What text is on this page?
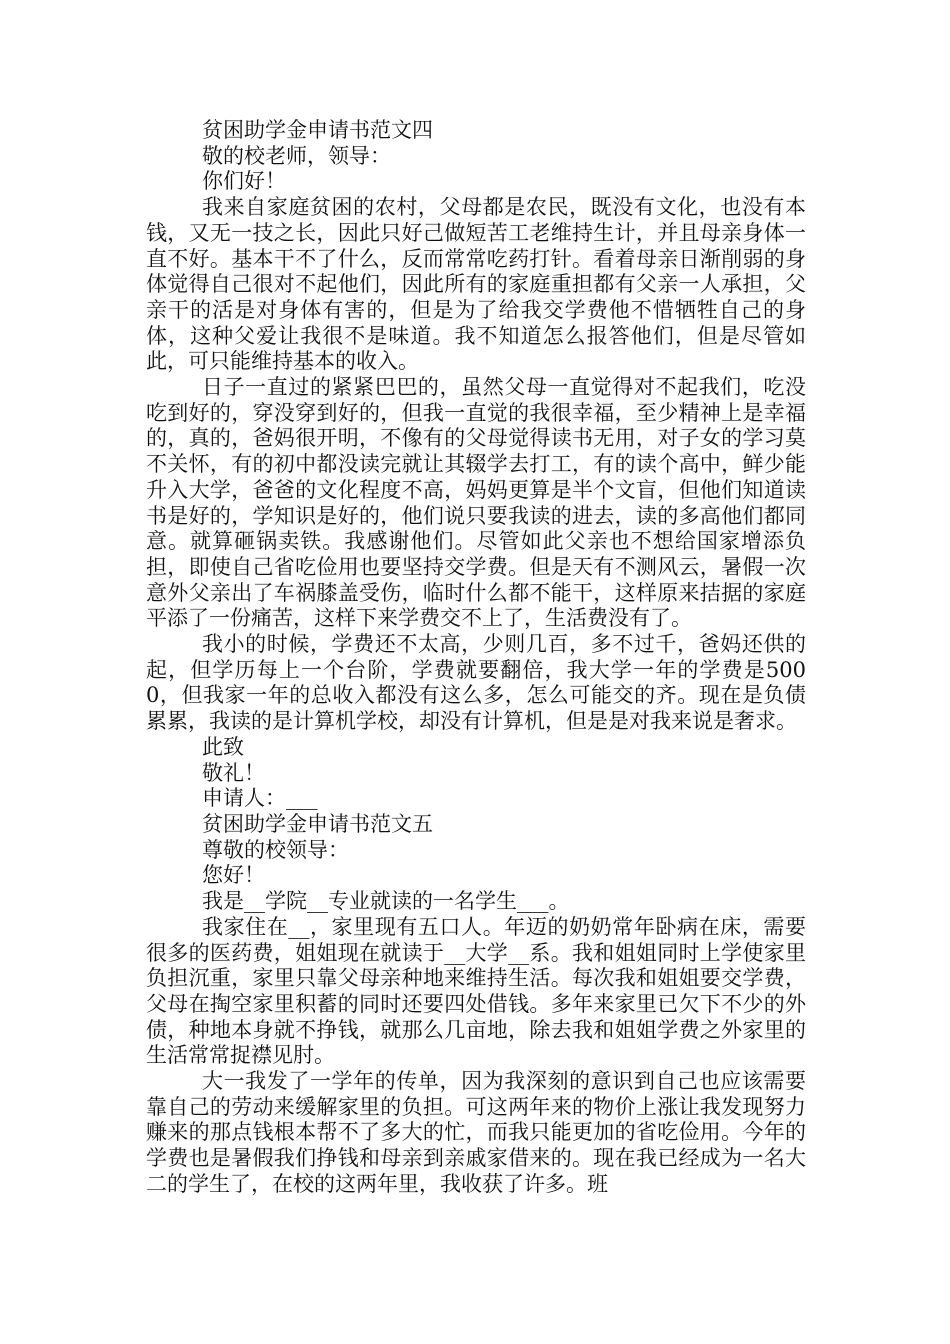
贫困助学金申请书范文四
敬的校老师，领导：
你们好！
我来自家庭贫困的农村，父母都是农民，既没有文化，也没有本钱，又无一技之长，因此只好己做短苦工老维持生计，并且母亲身体一直不好。基本干不了什么，反而常常吃药打针。看着母亲日渐削弱的身体觉得自己很对不起他们，因此所有的家庭重担都有父亲一人承担，父亲干的活是对身体有害的，但是为了给我交学费他不惜牺牲自己的身体，这种父爱让我很不是味道。我不知道怎么报答他们，但是尽管如此，可只能维持基本的收入。
日子一直过的紧紧巴巴的，虽然父母一直觉得对不起我们，吃没吃到好的，穿没穿到好的，但我一直觉的我很幸福，至少精神上是幸福的，真的，爸妈很开明，不像有的父母觉得读书无用，对子女的学习莫不关怀，有的初中都没读完就让其辍学去打工，有的读个高中，鲜少能升入大学，爸爸的文化程度不高，妈妈更算是半个文盲，但他们知道读书是好的，学知识是好的，他们说只要我读的进去，读的多高他们都同意。就算砸锅卖铁。我感谢他们。尽管如此父亲也不想给国家增添负担，即使自己省吃俭用也要坚持交学费。但是天有不测风云，暑假一次意外父亲出了车祸膝盖受伤，临时什么都不能干，这样原来拮据的家庭平添了一份痛苦，这样下来学费交不上了，生活费没有了。
我小的时候，学费还不太高，少则几百，多不过千，爸妈还供的起，但学历每上一个台阶，学费就要翻倍，我大学一年的学费是5000，但我家一年的总收入都没有这么多，怎么可能交的齐。现在是负债累累，我读的是计算机学校，却没有计算机，但是是对我来说是奢求。
此致
敬礼！
申请人：___
贫困助学金申请书范文五
尊敬的校领导：
您好！
我是__学院__专业就读的一名学生___。
我家住在__，家里现有五口人。年迈的奶奶常年卧病在床，需要很多的医药费，姐姐现在就读于__大学__系。我和姐姐同时上学使家里负担沉重，家里只靠父母亲种地来维持生活。每次我和姐姐要交学费，父母在掏空家里积蓄的同时还要四处借钱。多年来家里已欠下不少的外债，种地本身就不挣钱，就那么几亩地，除去我和姐姐学费之外家里的生活常常捉襟见肘。
大一我发了一学年的传单，因为我深刻的意识到自己也应该需要靠自己的劳动来缓解家里的负担。可这两年来的物价上涨让我发现努力赚来的那点钱根本帮不了多大的忙，而我只能更加的省吃俭用。今年的学费也是暑假我们挣钱和母亲到亲戚家借来的。现在我已经成为一名大二的学生了，在校的这两年里，我收获了许多。班
